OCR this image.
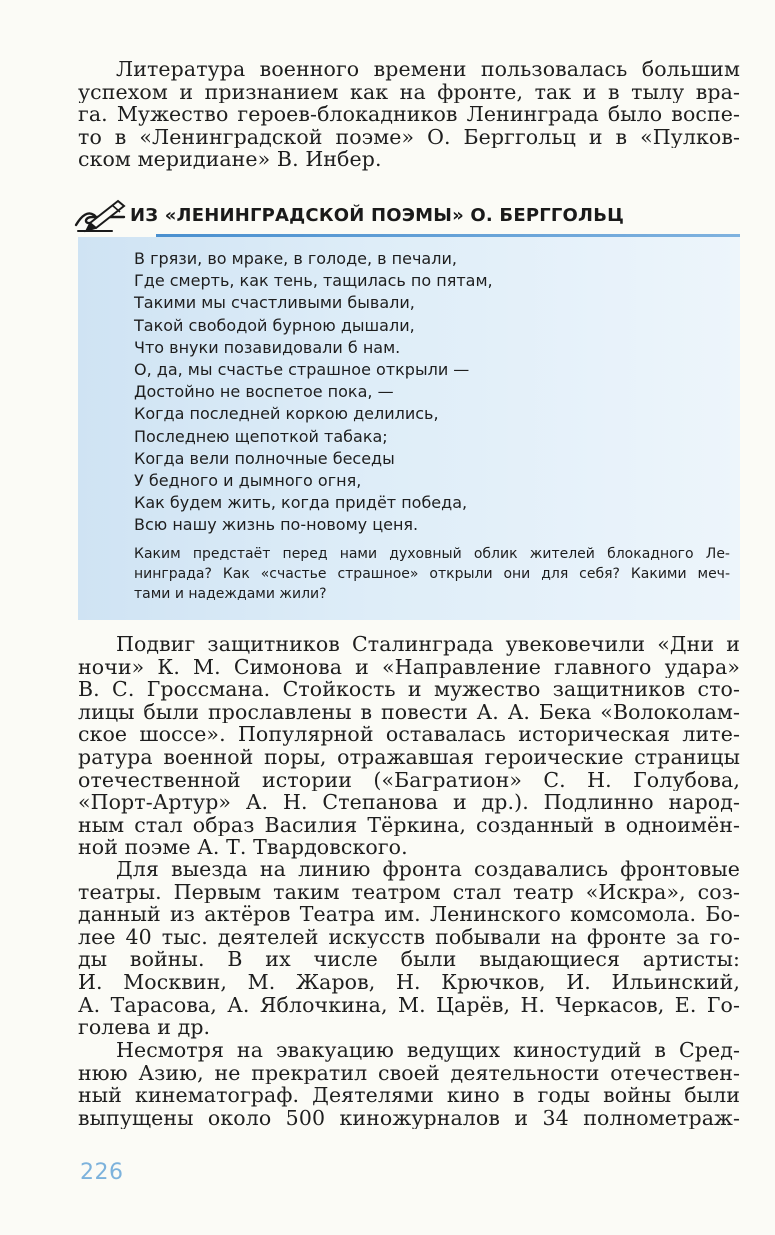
Литература военного времени пользовалась большим
успехом и признанием как на фронте, так и в тылу вра-
га. Мужество героев-блокадников Ленинграда было воспе-
то в «Ленинградской поэме» О. Берггольц и в «Пулков-
ском меридиане» В. Инбер.

ИЗ «ЛЕНИНГРАДСКОЙ ПОЭМЫ» О. БЕРГГОЛЬЦ
В грязи, во мраке, в голоде, в печали,
Где смерть, как тень, тащилась по пятам,
Такими мы счастливыми бывали,
Такой свободой бурною дышали,
Что внуки позавидовали б нам.
О, да, мы счастье страшное открыли —
Достойно не воспетое пока, —
Когда последней коркою делились,
Последнею щепоткой табака;
Когда вели полночные беседы
У бедного и дымного огня,
Как будем жить, когда придёт победа,
Всю нашу жизнь по-новому ценя.

Каким предстаёт перед нами духовный облик жителей блокадного Ле-
нинграда? Как «счастье страшное» открыли они для себя? Какими меч-
тами и надеждами жили?

Подвиг защитников Сталинграда увековечили «Дни и
ночи» К. М. Симонова и «Направление главного удара»
В. С. Гроссмана. Стойкость и мужество защитников сто-
лицы были прославлены в повести А. А. Бека «Волоколам-
ское шоссе». Популярной оставалась историческая лите-
ратура военной поры, отражавшая героические страницы
отечественной истории («Багратион» С. Н. Голубова,
«Порт-Артур» А. Н. Степанова и др.). Подлинно народ-
ным стал образ Василия Тёркина, созданный в одноимён-
ной поэме А. Т. Твардовского.

Для выезда на линию фронта создавались фронтовые
театры. Первым таким театром стал театр «Искра», соз-
данный из актёров Театра им. Ленинского комсомола. Бо-
лее 40 тыс. деятелей искусств побывали на фронте за го-
ды войны. В их числе были выдающиеся артисты:
И. Москвин, М. Жаров, Н. Крючков, И. Ильинский,
А. Тарасова, А. Яблочкина, М. Царёв, Н. Черкасов, Е. Го-
голева и др.

Несмотря на эвакуацию ведущих киностудий в Сред-
нюю Азию, не прекратил своей деятельности отечествен-
ный кинематограф. Деятелями кино в годы войны были
выпущены около 500 киножурналов и 34 полнометраж-

226
